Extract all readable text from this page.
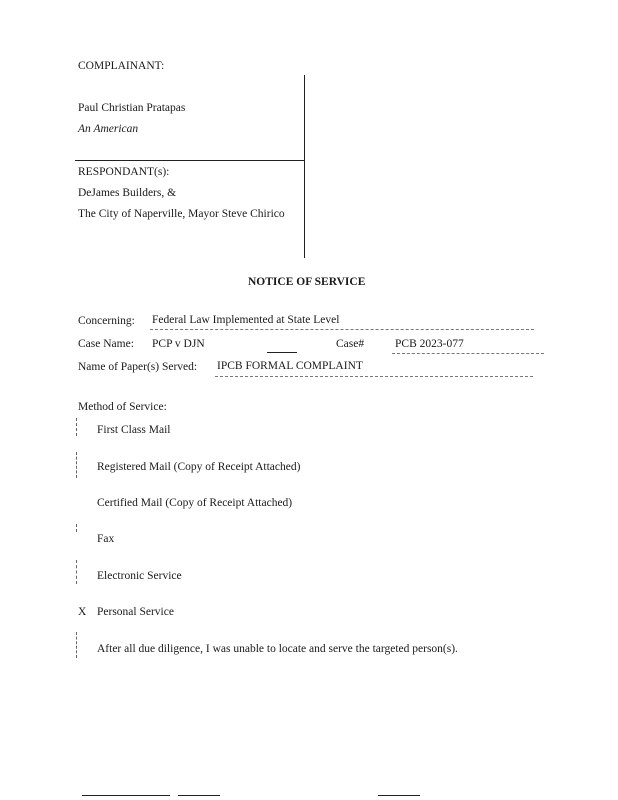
COMPLAINANT:
Paul Christian Pratapas
An American
RESPONDANT(s):
DeJames Builders, &
The City of Naperville, Mayor Steve Chirico
NOTICE OF SERVICE
Concerning: Federal Law Implemented at State Level
Case Name: PCP v DJN	Case#	PCB 2023-077
Name of Paper(s) Served: IPCB FORMAL COMPLAINT
Method of Service:
First Class Mail
Registered Mail (Copy of Receipt Attached)
Certified Mail (Copy of Receipt Attached)
Fax
Electronic Service
X Personal Service
After all due diligence, I was unable to locate and serve the targeted person(s).
